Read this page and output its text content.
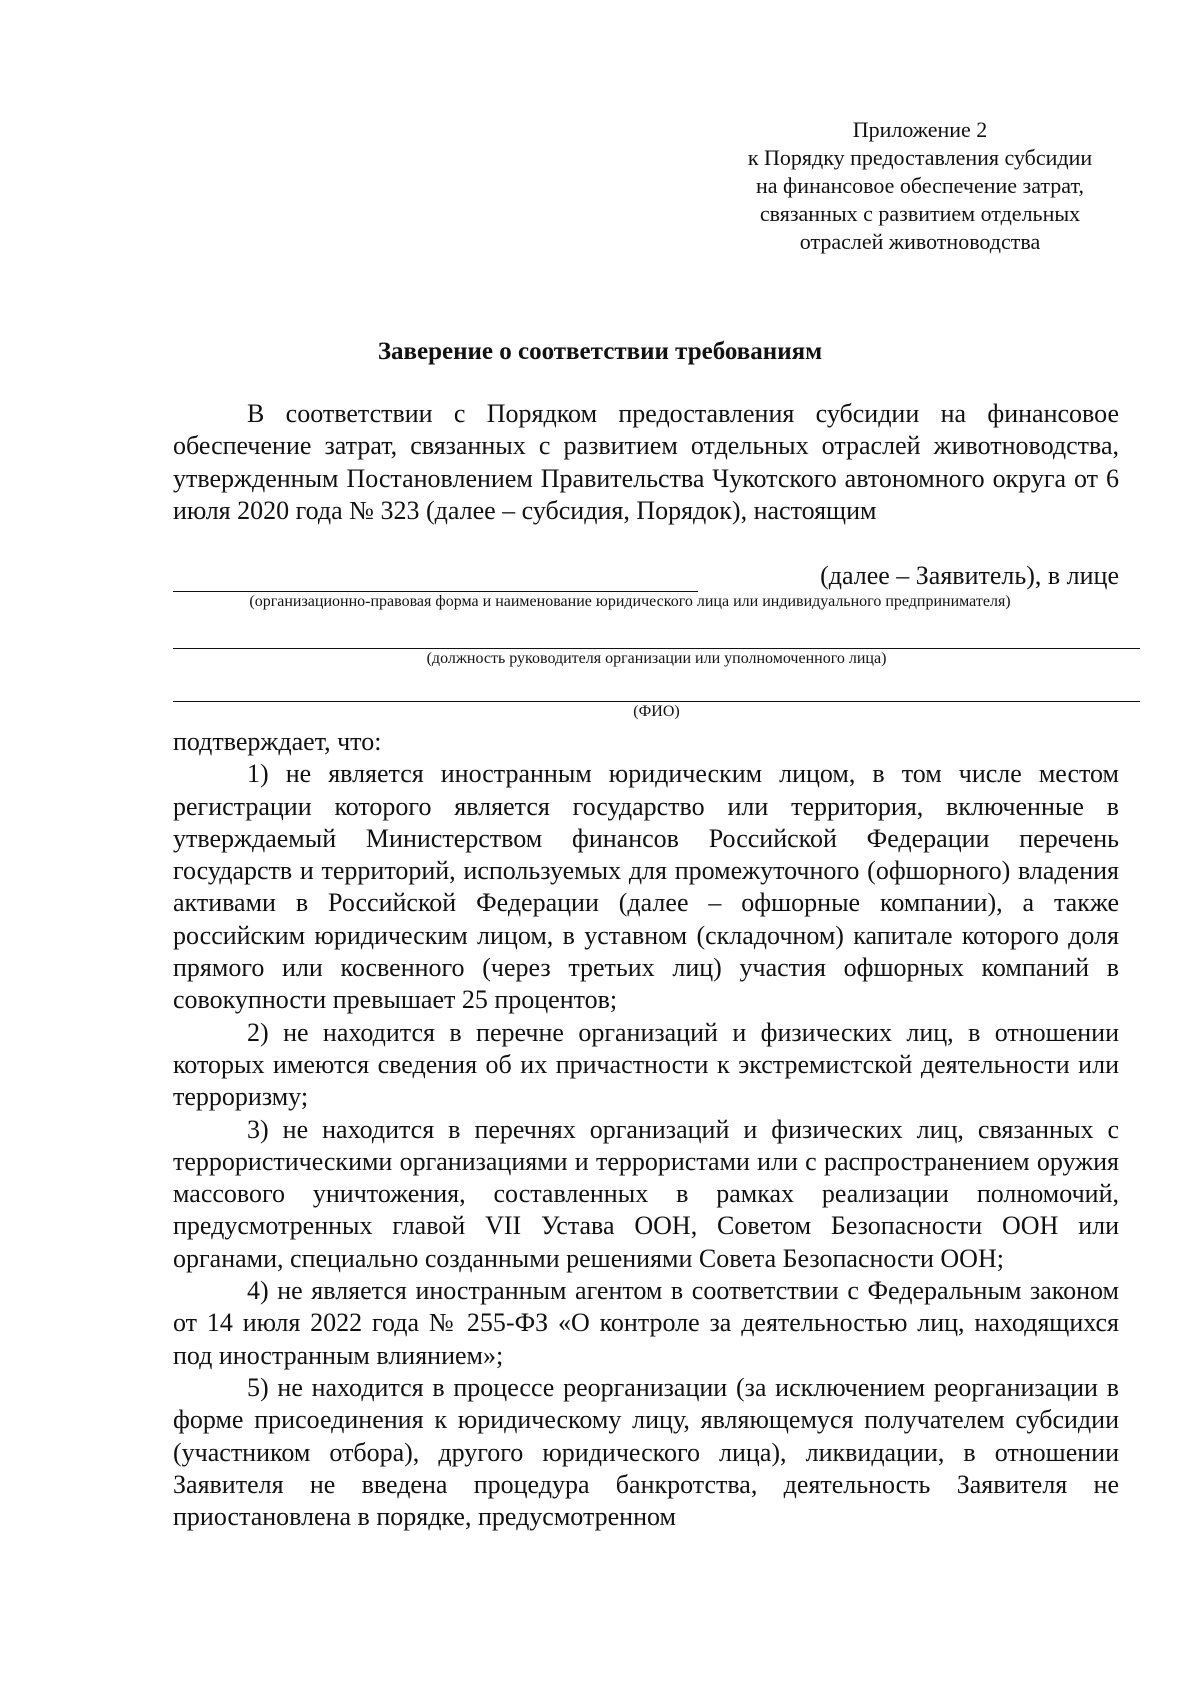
Приложение 2
к Порядку предоставления субсидии
на финансовое обеспечение затрат,
связанных с развитием отдельных
отраслей животноводства
Заверение о соответствии требованиям

В соответствии с Порядком предоставления субсидии на финансовое обеспечение затрат, связанных с развитием отдельных отраслей животноводства, утвержденным Постановлением Правительства Чукотского автономного округа от 6 июля 2020 года № 323 (далее – субсидия, Порядок), настоящим

(далее – Заявитель), в лице
(организационно-правовая форма и наименование юридического лица или индивидуального предпринимателя)
(должность руководителя организации или уполномоченного лица)
(ФИО)

подтверждает, что:

1) не является иностранным юридическим лицом, в том числе местом регистрации которого является государство или территория, включенные в утверждаемый Министерством финансов Российской Федерации перечень государств и территорий, используемых для промежуточного (офшорного) владения активами в Российской Федерации (далее – офшорные компании), а также российским юридическим лицом, в уставном (складочном) капитале которого доля прямого или косвенного (через третьих лиц) участия офшорных компаний в совокупности превышает 25 процентов;

2) не находится в перечне организаций и физических лиц, в отношении которых имеются сведения об их причастности к экстремистской деятельности или терроризму;

3) не находится в перечнях организаций и физических лиц, связанных с террористическими организациями и террористами или с распространением оружия массового уничтожения, составленных в рамках реализации полномочий, предусмотренных главой VII Устава ООН, Советом Безопасности ООН или органами, специально созданными решениями Совета Безопасности ООН;

4) не является иностранным агентом в соответствии с Федеральным законом от 14 июля 2022 года № 255-ФЗ «О контроле за деятельностью лиц, находящихся под иностранным влиянием»;

5) не находится в процессе реорганизации (за исключением реорганизации в форме присоединения к юридическому лицу, являющемуся получателем субсидии (участником отбора), другого юридического лица), ликвидации, в отношении Заявителя не введена процедура банкротства, деятельность Заявителя не приостановлена в порядке, предусмотренном
